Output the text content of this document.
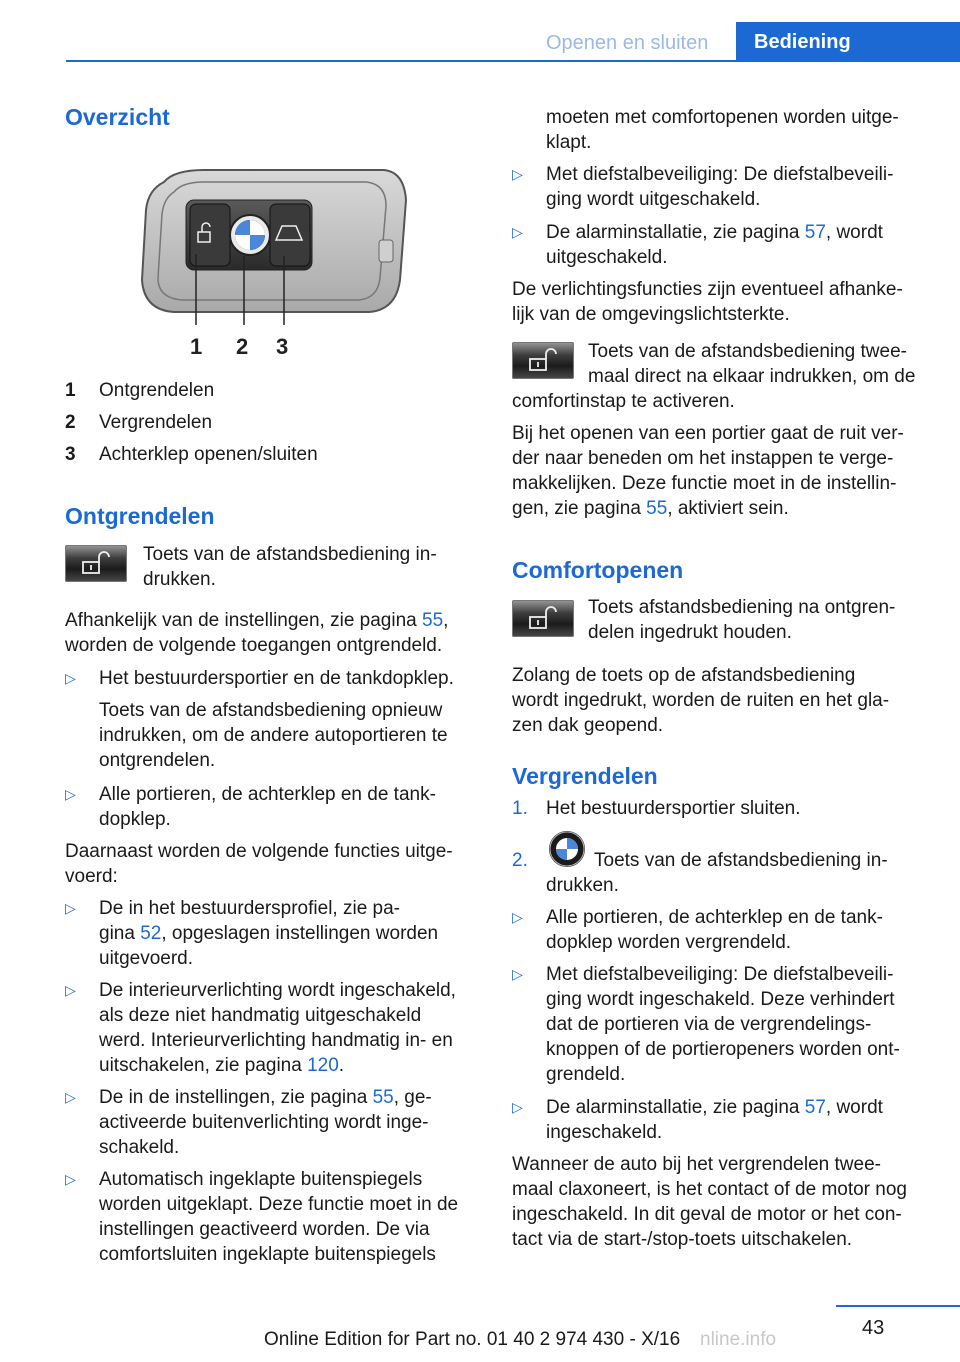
Openen en sluiten	Bediening
Overzicht
1 2 3
1 Ontgrendelen
2 Vergrendelen
3 Achterklep openen/sluiten
Ontgrendelen
Toets van de afstandsbediening in-
drukken.
Afhankelijk van de instellingen, zie pagina 55,
worden de volgende toegangen ontgrendeld.
▷ Het bestuurdersportier en de tankdopklep.
Toets van de afstandsbediening opnieuw
indrukken, om de andere autoportieren te
ontgrendelen.
▷ Alle portieren, de achterklep en de tank-
dopklep.
Daarnaast worden de volgende functies uitge-
voerd:
▷ De in het bestuurdersprofiel, zie pa-
gina 52, opgeslagen instellingen worden
uitgevoerd.
▷ De interieurverlichting wordt ingeschakeld,
als deze niet handmatig uitgeschakeld
werd. Interieurverlichting handmatig in- en
uitschakelen, zie pagina 120.
▷ De in de instellingen, zie pagina 55, ge-
activeerde buitenverlichting wordt inge-
schakeld.
▷ Automatisch ingeklapte buitenspiegels
worden uitgeklapt. Deze functie moet in de
instellingen geactiveerd worden. De via
comfortsluiten ingeklapte buitenspiegels
moeten met comfortopenen worden uitge-
klapt.
▷ Met diefstalbeveiliging: De diefstalbeveili-
ging wordt uitgeschakeld.
▷ De alarminstallatie, zie pagina 57, wordt
uitgeschakeld.
De verlichtingsfuncties zijn eventueel afhanke-
lijk van de omgevingslichtsterkte.
Toets van de afstandsbediening twee-
maal direct na elkaar indrukken, om de
comfortinstap te activeren.
Bij het openen van een portier gaat de ruit ver-
der naar beneden om het instappen te verge-
makkelijken. Deze functie moet in de instellin-
gen, zie pagina 55, aktiviert sein.
Comfortopenen
Toets afstandsbediening na ontgren-
delen ingedrukt houden.
Zolang de toets op de afstandsbediening
wordt ingedrukt, worden de ruiten en het gla-
zen dak geopend.
Vergrendelen
1. Het bestuurdersportier sluiten.
2.	Toets van de afstandsbediening in-
drukken.
▷ Alle portieren, de achterklep en de tank-
dopklep worden vergrendeld.
▷ Met diefstalbeveiliging: De diefstalbeveili-
ging wordt ingeschakeld. Deze verhindert
dat de portieren via de vergrendelings-
knoppen of de portieropeners worden ont-
grendeld.
▷ De alarminstallatie, zie pagina 57, wordt
ingeschakeld.
Wanneer de auto bij het vergrendelen twee-
maal claxoneert, is het contact of de motor nog
ingeschakeld. In dit geval de motor or het con-
tact via de start-/stop-toets uitschakelen.
43
Online Edition for Part no. 01 40 2 974 430 - X/16 nline.info
